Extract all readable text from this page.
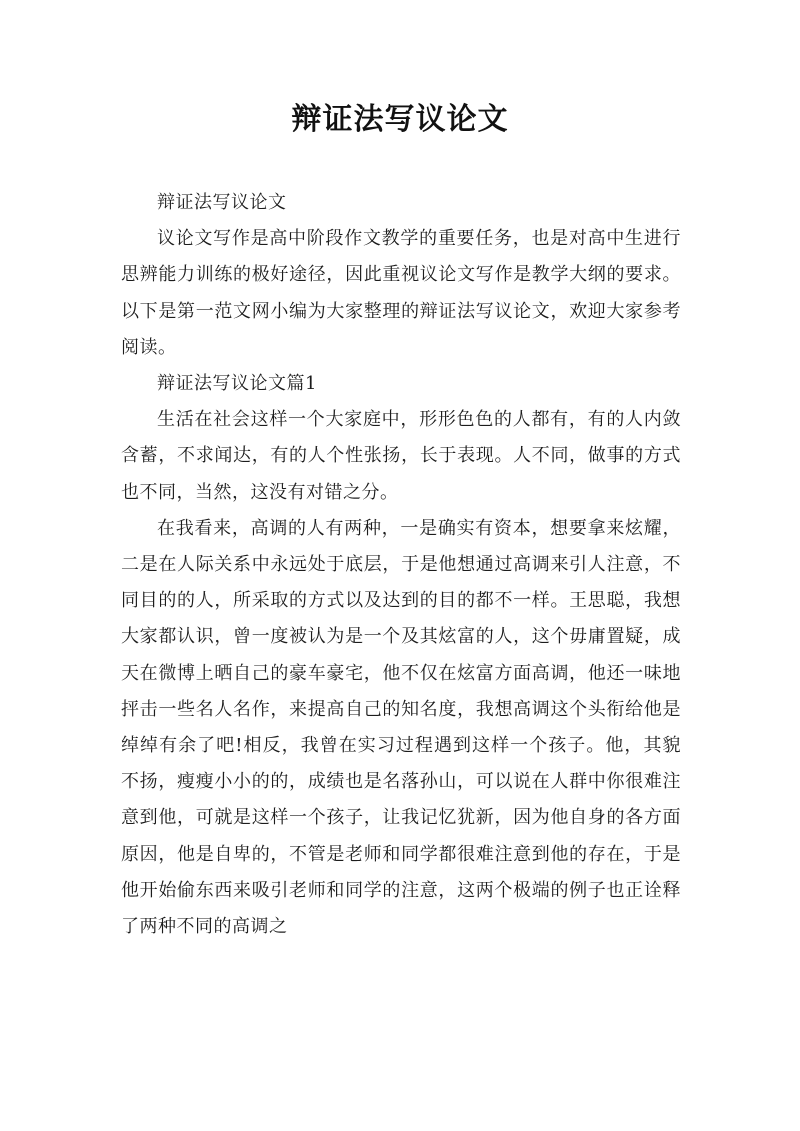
辩证法写议论文

辩证法写议论文

议论文写作是高中阶段作文教学的重要任务，也是对高中生进行思辨能力训练的极好途径，因此重视议论文写作是教学大纲的要求。以下是第一范文网小编为大家整理的辩证法写议论文，欢迎大家参考阅读。

辩证法写议论文篇1

生活在社会这样一个大家庭中，形形色色的人都有，有的人内敛含蓄，不求闻达，有的人个性张扬，长于表现。人不同，做事的方式也不同，当然，这没有对错之分。

在我看来，高调的人有两种，一是确实有资本，想要拿来炫耀，二是在人际关系中永远处于底层，于是他想通过高调来引人注意，不同目的的人，所采取的方式以及达到的目的都不一样。王思聪，我想大家都认识，曾一度被认为是一个及其炫富的人，这个毋庸置疑，成天在微博上晒自己的豪车豪宅，他不仅在炫富方面高调，他还一味地抨击一些名人名作，来提高自己的知名度，我想高调这个头衔给他是绰绰有余了吧!相反，我曾在实习过程遇到这样一个孩子。他，其貌不扬，瘦瘦小小的的，成绩也是名落孙山，可以说在人群中你很难注意到他，可就是这样一个孩子，让我记忆犹新，因为他自身的各方面原因，他是自卑的，不管是老师和同学都很难注意到他的存在，于是他开始偷东西来吸引老师和同学的注意，这两个极端的例子也正诠释了两种不同的高调之
